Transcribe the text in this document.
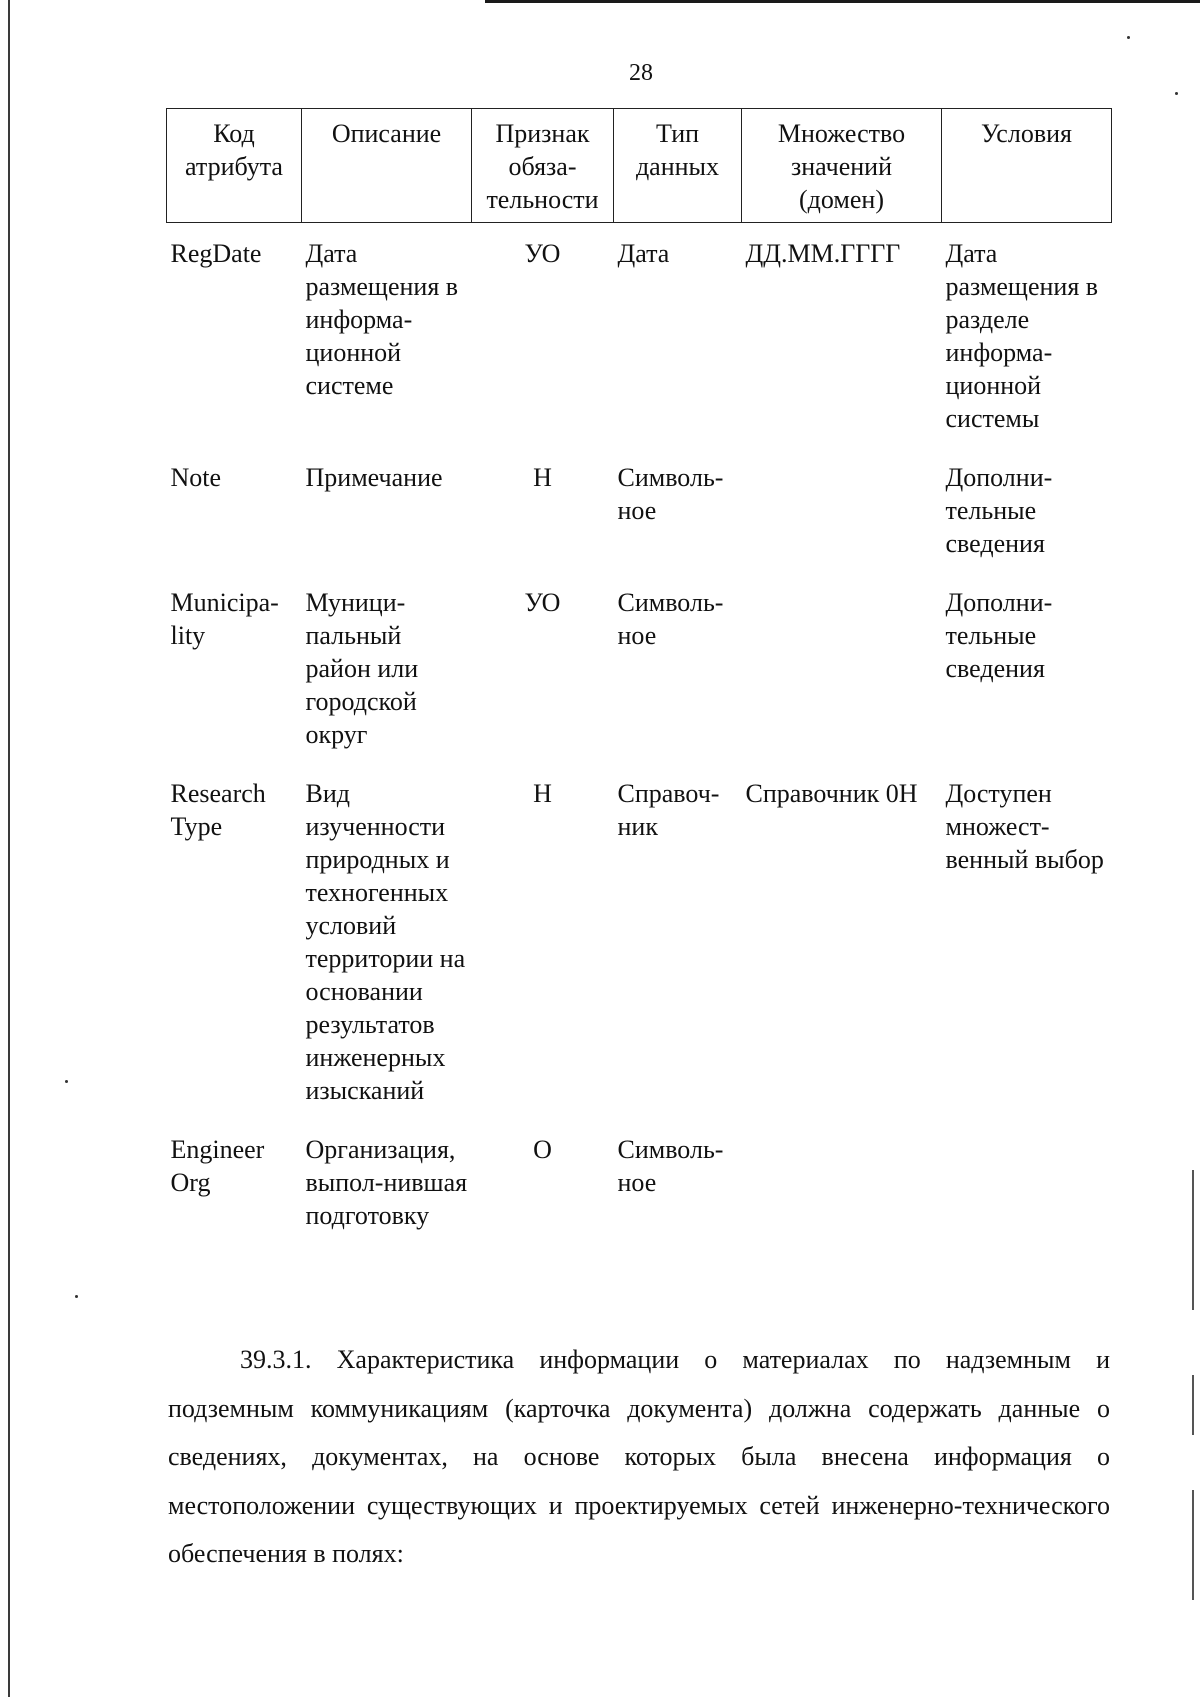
28
Код атрибута	Описание	Признак обяза-тельности	Тип данных	Множество значений (домен)	Условия
RegDate	Дата размещения в информа-ционной системе	УО	Дата	ДД.ММ.ГГГГ	Дата размещения в разделе информа-ционной системы
Note	Примечание	Н	Символь-ное		Дополни-тельные сведения
Municipa-lity	Муници-пальный район или городской округ	УО	Символь-ное		Дополни-тельные сведения
Research Type	Вид изученности природных и техногенных условий территории на основании результатов инженерных изысканий	Н	Справоч-ник	Справочник 0Н	Доступен множест-венный выбор
Engineer Org	Организация, выпол-нившая подготовку	О	Символь-ное		

39.3.1. Характеристика информации о материалах по надземным и подземным коммуникациям (карточка документа) должна содержать данные о сведениях, документах, на основе которых была внесена информация о местоположении существующих и проектируемых сетей инженерно-технического обеспечения в полях:
